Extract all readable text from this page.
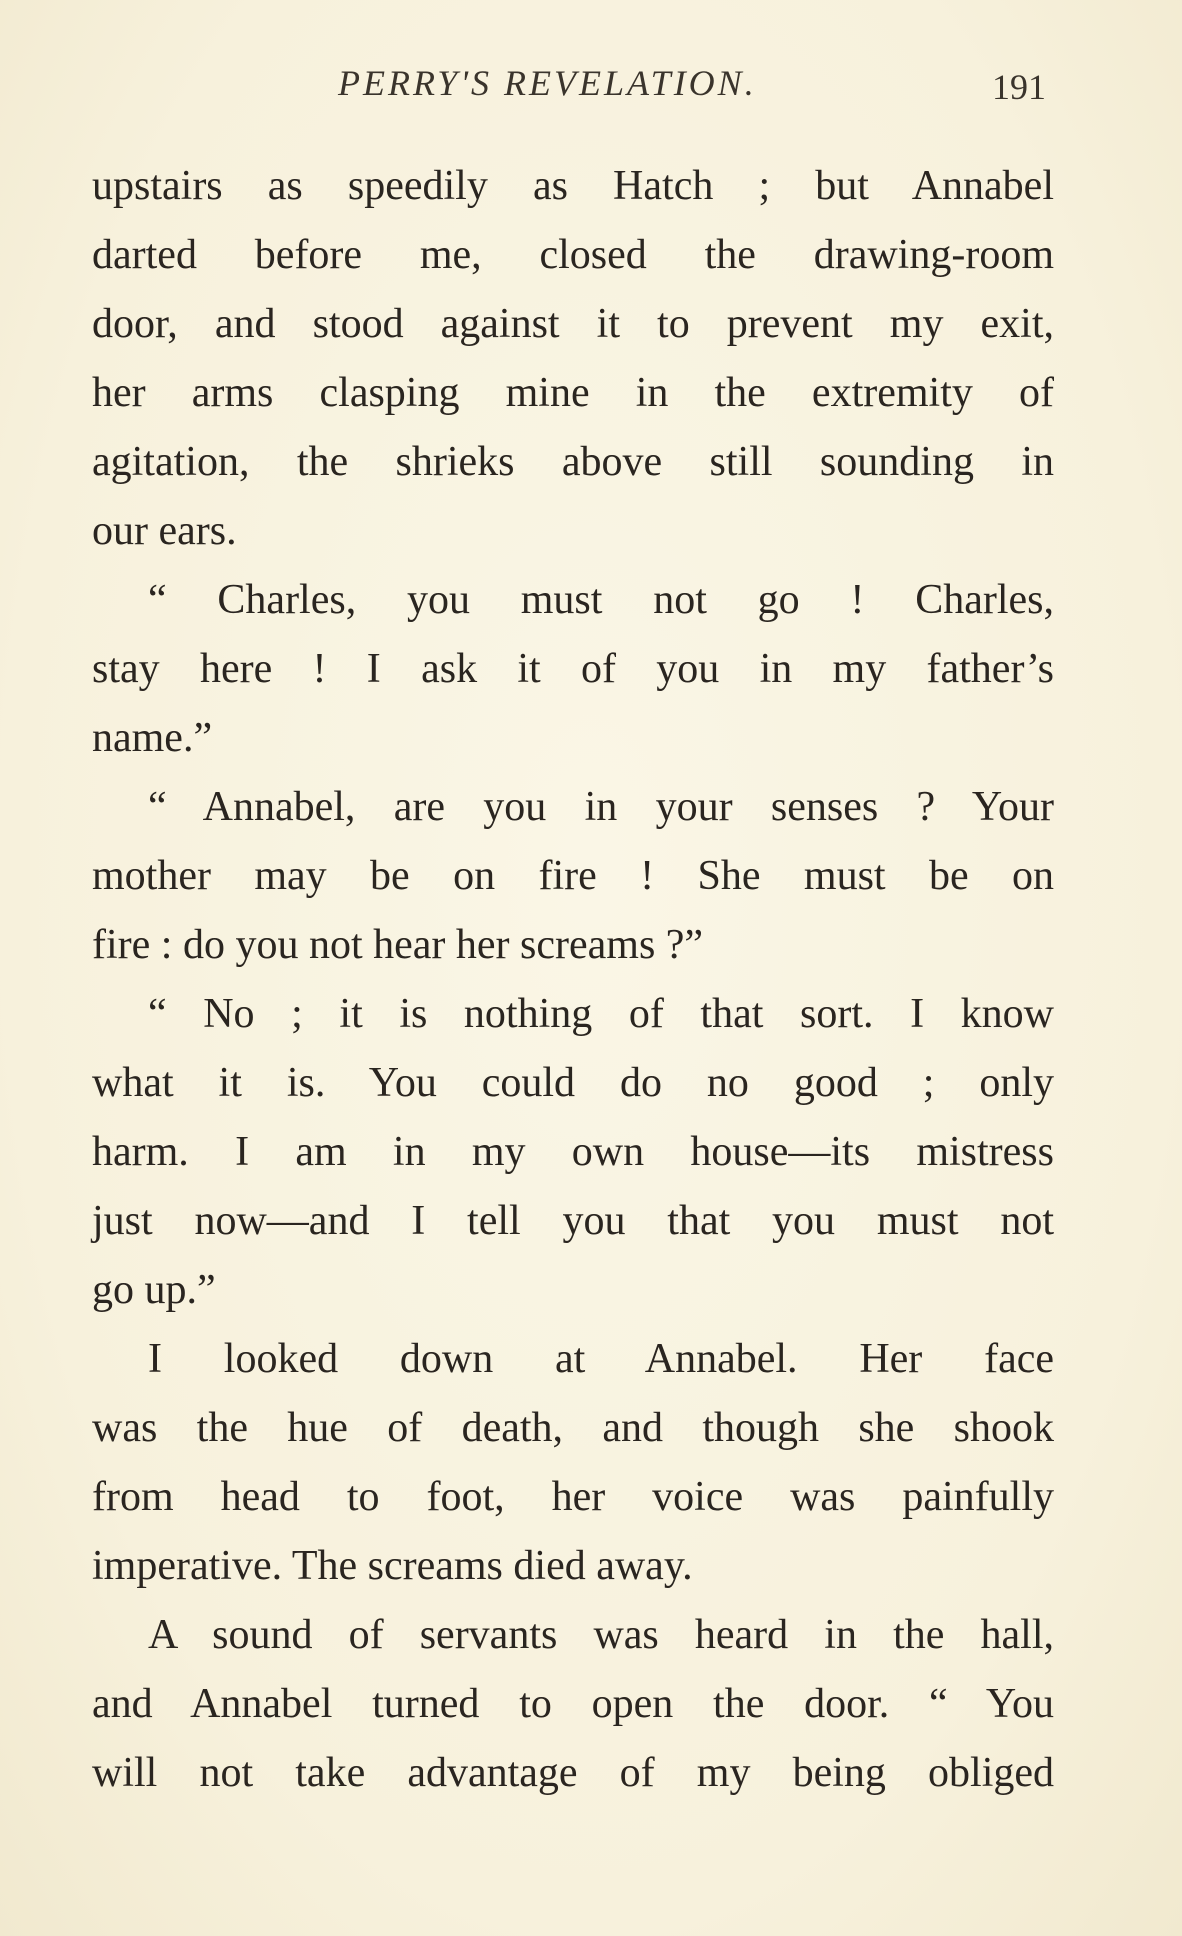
PERRY'S REVELATION.	191
upstairs as speedily as Hatch ; but Annabel
darted before me, closed the drawing-room
door, and stood against it to prevent my exit,
her arms clasping mine in the extremity of
agitation, the shrieks above still sounding in
our ears.
“ Charles, you must not go ! Charles,
stay here ! I ask it of you in my father’s
name.”
“ Annabel, are you in your senses ? Your
mother may be on fire ! She must be on
fire : do you not hear her screams ?”
“ No ; it is nothing of that sort. I know
what it is. You could do no good ; only
harm. I am in my own house—its mistress
just now—and I tell you that you must not
go up.”
I looked down at Annabel. Her face
was the hue of death, and though she shook
from head to foot, her voice was painfully
imperative. The screams died away.
A sound of servants was heard in the hall,
and Annabel turned to open the door. “ You
will not take advantage of my being obliged
